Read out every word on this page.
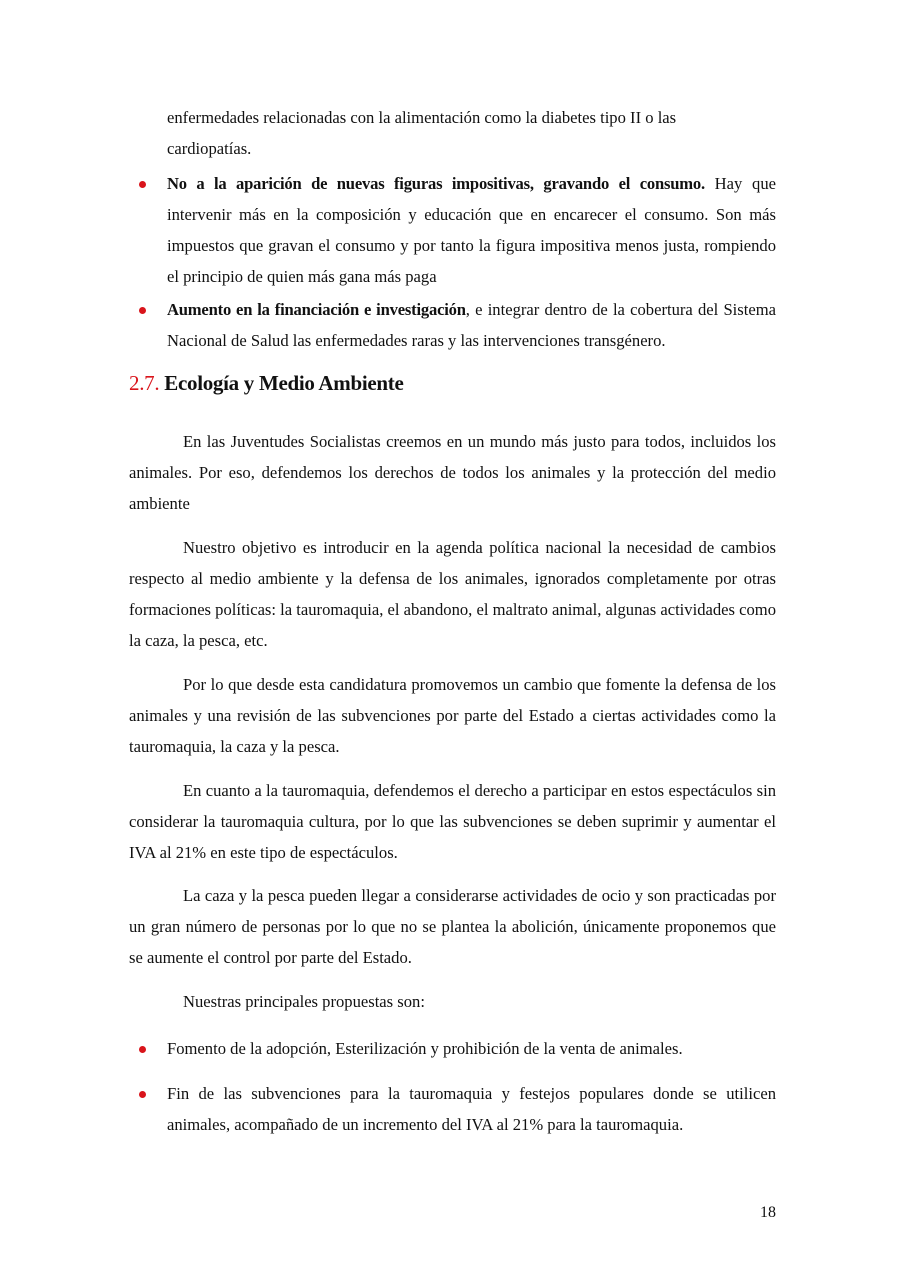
enfermedades relacionadas con la alimentación como la diabetes tipo II o las

cardiopatías.

No a la aparición de nuevas figuras impositivas, gravando el consumo. Hay que intervenir más en la composición y educación que en encarecer el consumo. Son más impuestos que gravan el consumo y por tanto la figura impositiva menos justa, rompiendo el principio de quien más gana más paga

Aumento en la financiación e investigación, e integrar dentro de la cobertura del Sistema Nacional de Salud las enfermedades raras y las intervenciones transgénero.

2.7. Ecología y Medio Ambiente

En las Juventudes Socialistas creemos en un mundo más justo para todos, incluidos los animales. Por eso, defendemos los derechos de todos los animales y la protección del medio ambiente

Nuestro objetivo es introducir en la agenda política nacional la necesidad de cambios respecto al medio ambiente y la defensa de los animales, ignorados completamente por otras formaciones políticas: la tauromaquia, el abandono, el maltrato animal, algunas actividades como la caza, la pesca, etc.

Por lo que desde esta candidatura promovemos un cambio que fomente la defensa de los animales y una revisión de las subvenciones por parte del Estado a ciertas actividades como la tauromaquia, la caza y la pesca.

En cuanto a la tauromaquia, defendemos el derecho a participar en estos espectáculos sin considerar la tauromaquia cultura, por lo que las subvenciones se deben suprimir y aumentar el IVA al 21% en este tipo de espectáculos.

La caza y la pesca pueden llegar a considerarse actividades de ocio y son practicadas por un gran número de personas por lo que no se plantea la abolición, únicamente proponemos que se aumente el control por parte del Estado.

Nuestras principales propuestas son:

Fomento de la adopción, Esterilización y prohibición de la venta de animales.

Fin de las subvenciones para la tauromaquia y festejos populares donde se utilicen animales, acompañado de un incremento del IVA al 21% para la tauromaquia.

18
